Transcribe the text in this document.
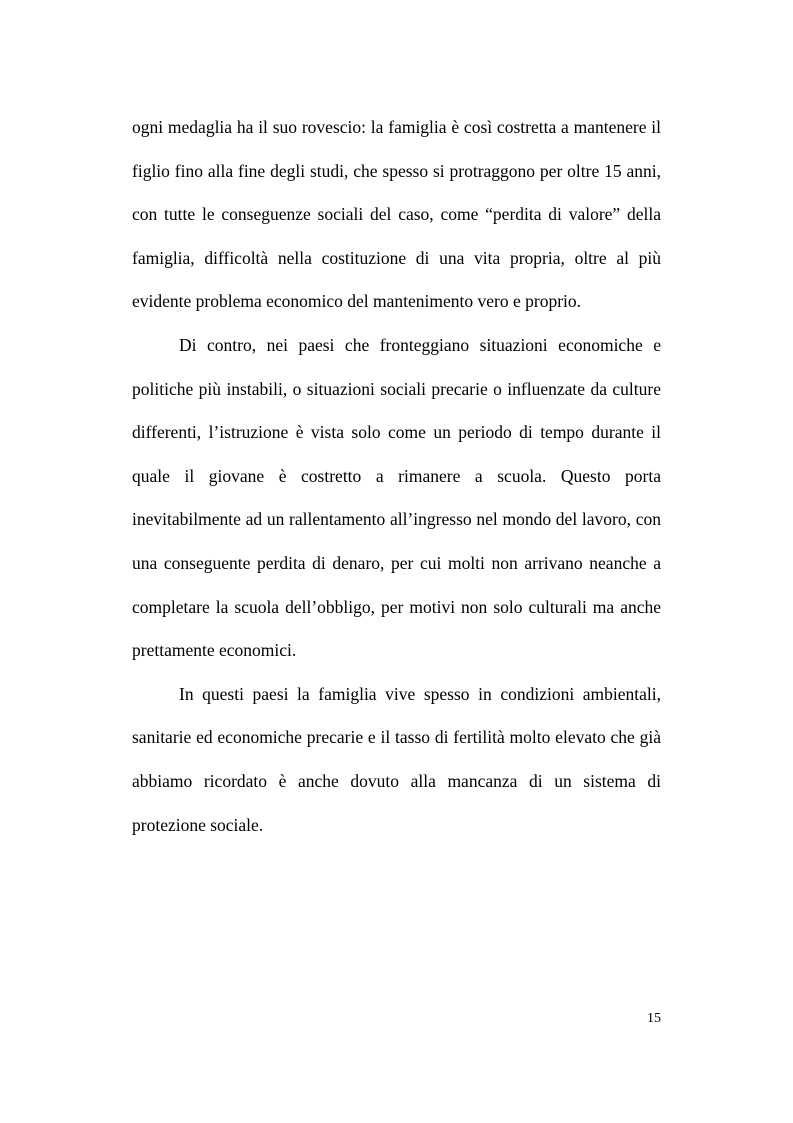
ogni medaglia ha il suo rovescio: la famiglia è così costretta a mantenere il figlio fino alla fine degli studi, che spesso si protraggono per oltre 15 anni, con tutte le conseguenze sociali del caso, come “perdita di valore” della famiglia, difficoltà nella costituzione di una vita propria, oltre al più evidente problema economico del mantenimento vero e proprio.

Di contro, nei paesi che fronteggiano situazioni economiche e politiche più instabili, o situazioni sociali precarie o influenzate da culture differenti, l’istruzione è vista solo come un periodo di tempo durante il quale il giovane è costretto a rimanere a scuola. Questo porta inevitabilmente ad un rallentamento all’ingresso nel mondo del lavoro, con una conseguente perdita di denaro, per cui molti non arrivano neanche a completare la scuola dell’obbligo, per motivi non solo culturali ma anche prettamente economici.

In questi paesi la famiglia vive spesso in condizioni ambientali, sanitarie ed economiche precarie e il tasso di fertilità molto elevato che già abbiamo ricordato è anche dovuto alla mancanza di un sistema di protezione sociale.

15
